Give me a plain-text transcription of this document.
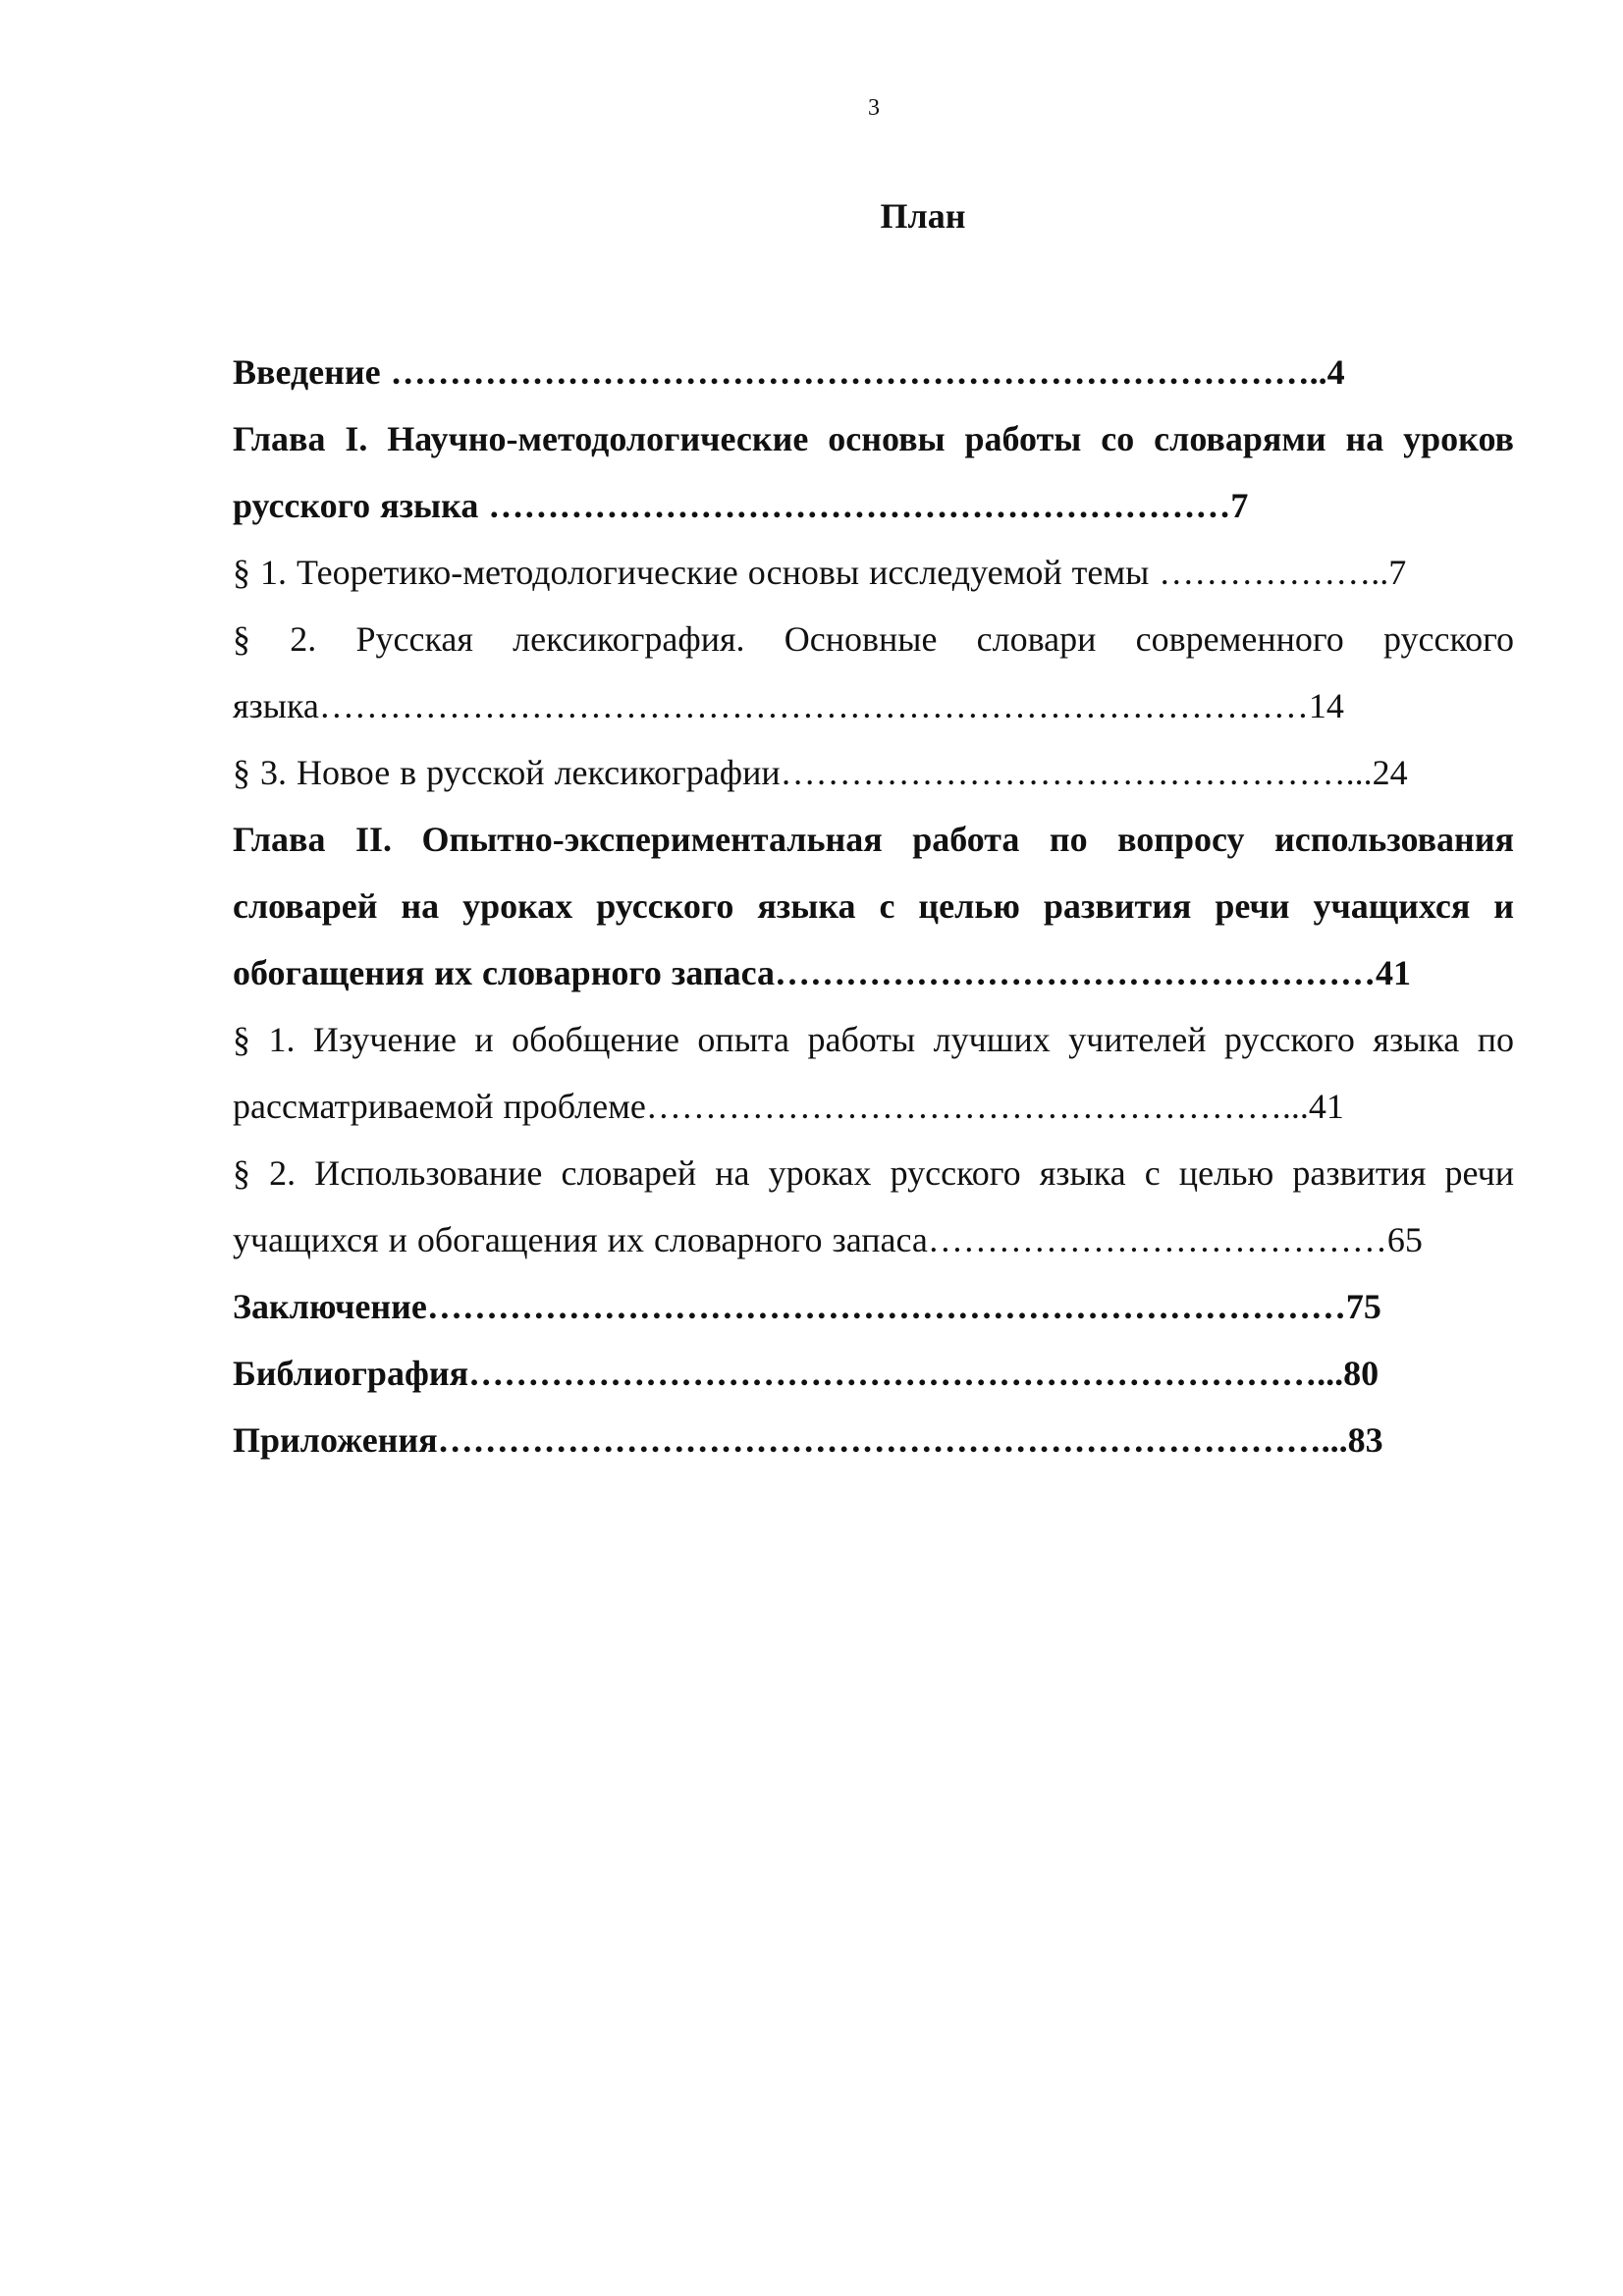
3
План

Введение ……………………………………………………………………..4

Глава I. Научно-методологические основы работы со словарями на уроков русского языка ………………………………………………………7

§ 1. Теоретико-методологические основы исследуемой темы ………………..7

§ 2. Русская лексикография. Основные словари современного русского языка…………………………………………………………………………14

§ 3. Новое в русской лексикографии…………………………………………...24

Глава II. Опытно-экспериментальная работа по вопросу использования словарей на уроках русского языка с целью развития речи учащихся и обогащения их словарного запаса……………………………………………41

§ 1. Изучение и обобщение опыта работы лучших учителей русского языка по рассматриваемой проблеме………………………………………………...41

§ 2. Использование словарей на уроках русского языка с целью развития речи учащихся и обогащения их словарного запаса…………………………………65

Заключение……………………………………………………………………75

Библиография………………………………………………………………...80

Приложения…………………………………………………………………...83
